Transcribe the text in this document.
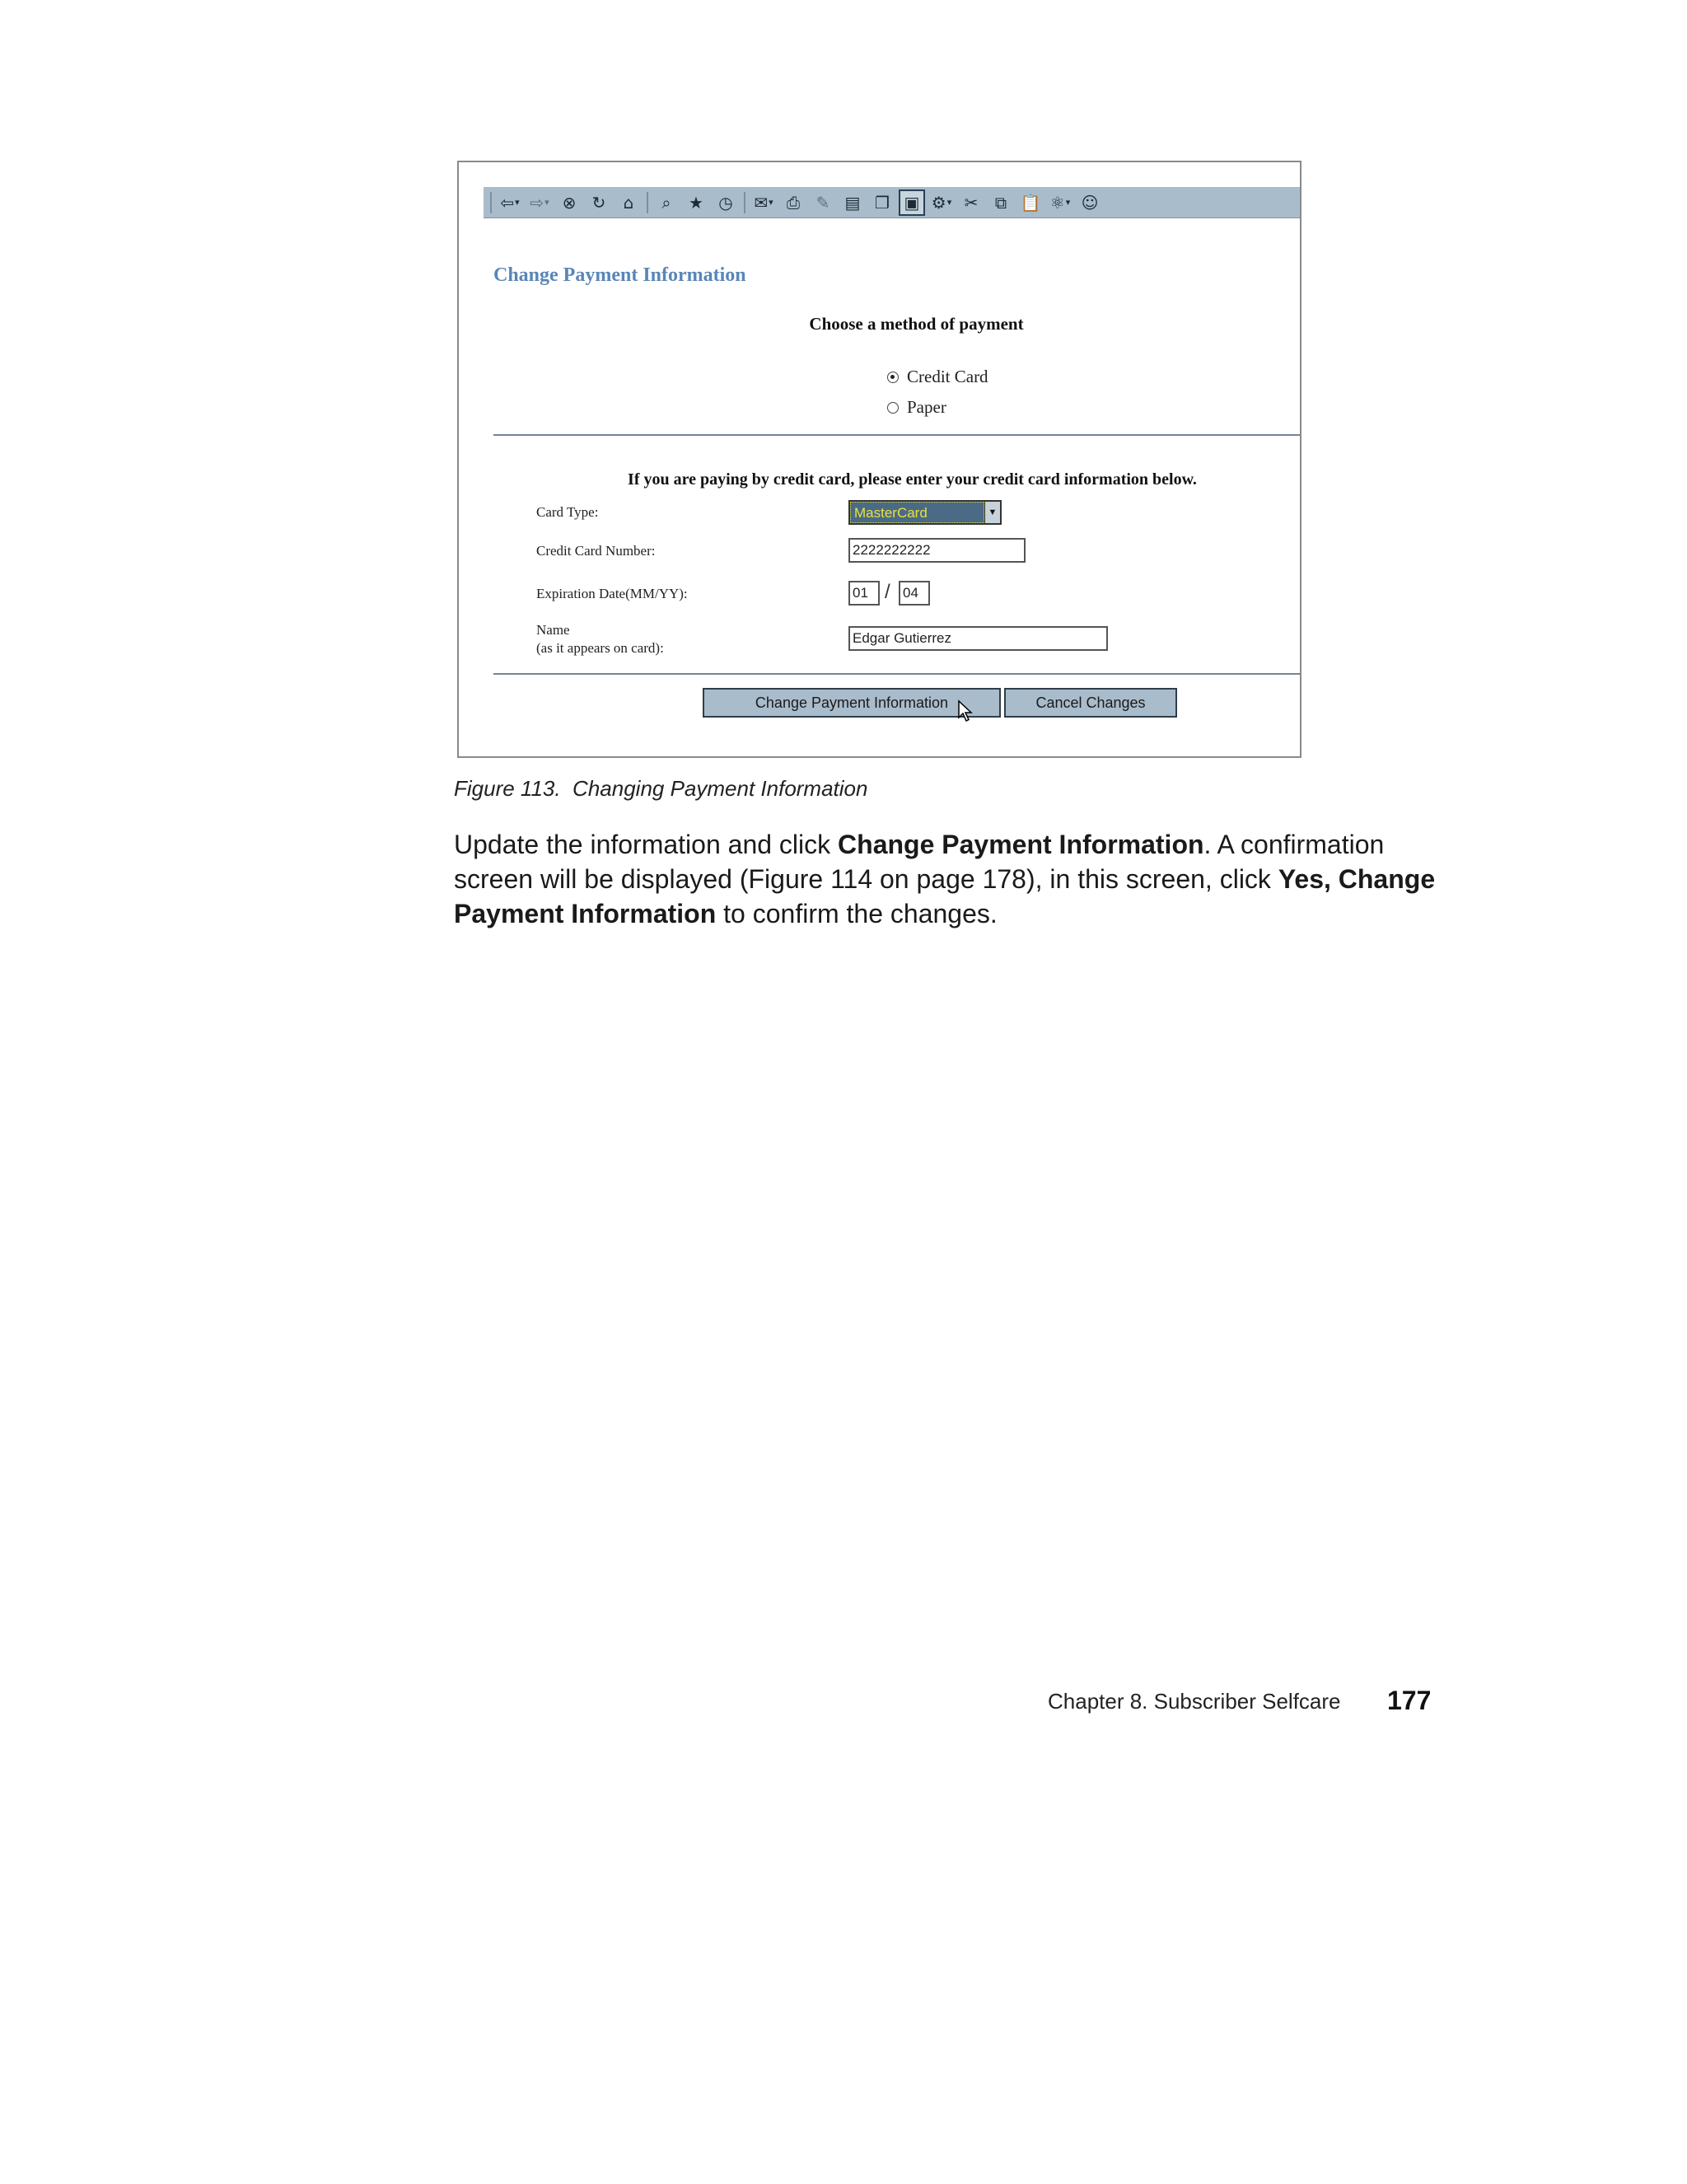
⇦ ▾ ⇨ ▾	⊗ ↻	⌂	⌕	★ ◷ ✉ ▾	⎙ ✎ ▤ ❐ ▣ ⚙ ▾	✂	⧉ 📋 ⚛ ▾ ☺
Change Payment Information
Choose a method of payment
Credit Card
Paper
If you are paying by credit card, please enter your credit card information below.
Card Type:	MasterCard	▼
Credit Card Number:	2222222222
Expiration Date(MM/YY):	01 / 04
Name
(as it appears on card):
Edgar Gutierrez
Change Payment Information	Cancel Changes
Figure 113. Changing Payment Information
Update the information and click Change Payment Information. A confirmation screen will be displayed (Figure 114 on page 178), in this screen, click Yes, Change Payment Information to confirm the changes.
Chapter 8. Subscriber Selfcare 177
